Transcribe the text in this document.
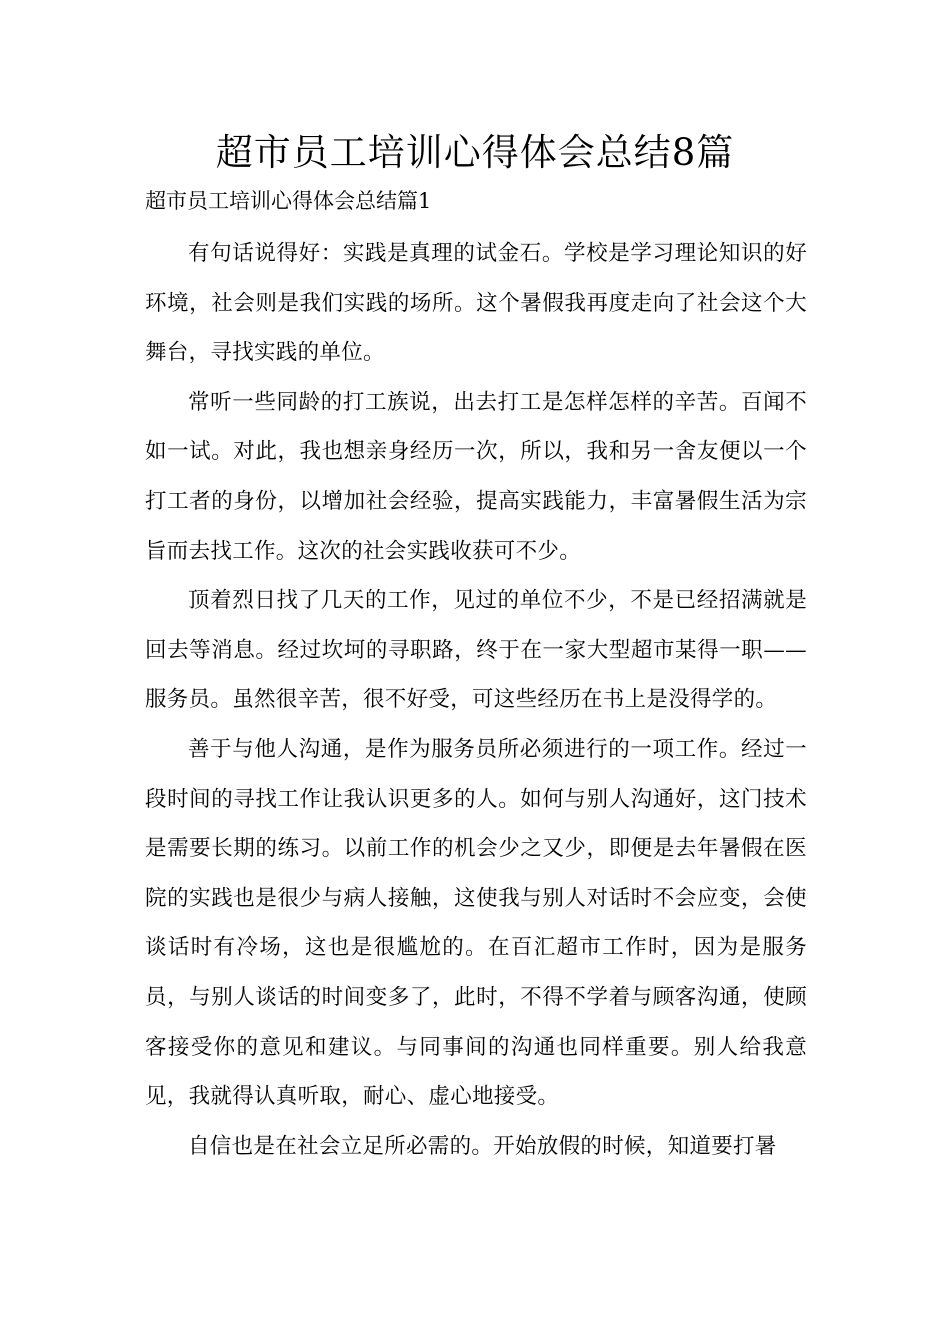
超市员工培训心得体会总结8篇
超市员工培训心得体会总结篇1

有句话说得好：实践是真理的试金石。学校是学习理论知识的好环境，社会则是我们实践的场所。这个暑假我再度走向了社会这个大舞台，寻找实践的单位。

常听一些同龄的打工族说，出去打工是怎样怎样的辛苦。百闻不如一试。对此，我也想亲身经历一次，所以，我和另一舍友便以一个打工者的身份，以增加社会经验，提高实践能力，丰富暑假生活为宗旨而去找工作。这次的社会实践收获可不少。

顶着烈日找了几天的工作，见过的单位不少，不是已经招满就是回去等消息。经过坎坷的寻职路，终于在一家大型超市某得一职——服务员。虽然很辛苦，很不好受，可这些经历在书上是没得学的。

善于与他人沟通，是作为服务员所必须进行的一项工作。经过一段时间的寻找工作让我认识更多的人。如何与别人沟通好，这门技术是需要长期的练习。以前工作的机会少之又少，即便是去年暑假在医院的实践也是很少与病人接触，这使我与别人对话时不会应变，会使谈话时有冷场，这也是很尴尬的。在百汇超市工作时，因为是服务员，与别人谈话的时间变多了，此时，不得不学着与顾客沟通，使顾客接受你的意见和建议。与同事间的沟通也同样重要。别人给我意见，我就得认真听取，耐心、虚心地接受。

自信也是在社会立足所必需的。开始放假的时候，知道要打暑
